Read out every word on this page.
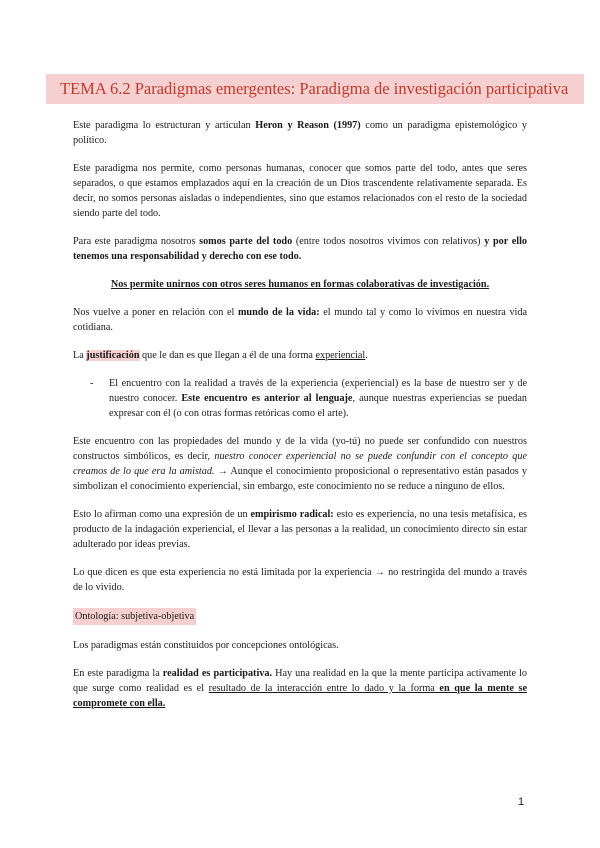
TEMA 6.2 Paradigmas emergentes: Paradigma de investigación participativa

Este paradigma lo estructuran y articulan Heron y Reason (1997) como un paradigma epistemológico y político.

Este paradigma nos permite, como personas humanas, conocer que somos parte del todo, antes que seres separados, o que estamos emplazados aquí en la creación de un Dios trascendente relativamente separada. Es decir, no somos personas aisladas o independientes, sino que estamos relacionados con el resto de la sociedad siendo parte del todo.

Para este paradigma nosotros somos parte del todo (entre todos nosotros vivimos con relativos) y por ello tenemos una responsabilidad y derecho con ese todo.

Nos permite unirnos con otros seres humanos en formas colaborativas de investigación.

Nos vuelve a poner en relación con el mundo de la vida: el mundo tal y como lo vivimos en nuestra vida cotidiana.

La justificación que le dan es que llegan a él de una forma experiencial.

- El encuentro con la realidad a través de la experiencia (experiencial) es la base de nuestro ser y de nuestro conocer. Este encuentro es anterior al lenguaje, aunque nuestras experiencias se puedan expresar con él (o con otras formas retóricas como el arte).

Este encuentro con las propiedades del mundo y de la vida (yo-tú) no puede ser confundido con nuestros constructos simbólicos, es decir, nuestro conocer experiencial no se puede confundir con el concepto que creamos de lo que era la amistad. → Aunque el conocimiento proposicional o representativo están pasados y simbolizan el conocimiento experiencial, sin embargo, este conocimiento no se reduce a ninguno de ellos.

Esto lo afirman como una expresión de un empirismo radical: esto es experiencia, no una tesis metafísica, es producto de la indagación experiencial, el llevar a las personas a la realidad, un conocimiento directo sin estar adulterado por ideas previas.

Lo que dicen es que esta experiencia no está limitada por la experiencia → no restringida del mundo a través de lo vivido.

Ontología: subjetiva-objetiva

Los paradigmas están constituidos por concepciones ontológicas.

En este paradigma la realidad es participativa. Hay una realidad en la que la mente participa activamente lo que surge como realidad es el resultado de la interacción entre lo dado y la forma en que la mente se compromete con ella.

1
